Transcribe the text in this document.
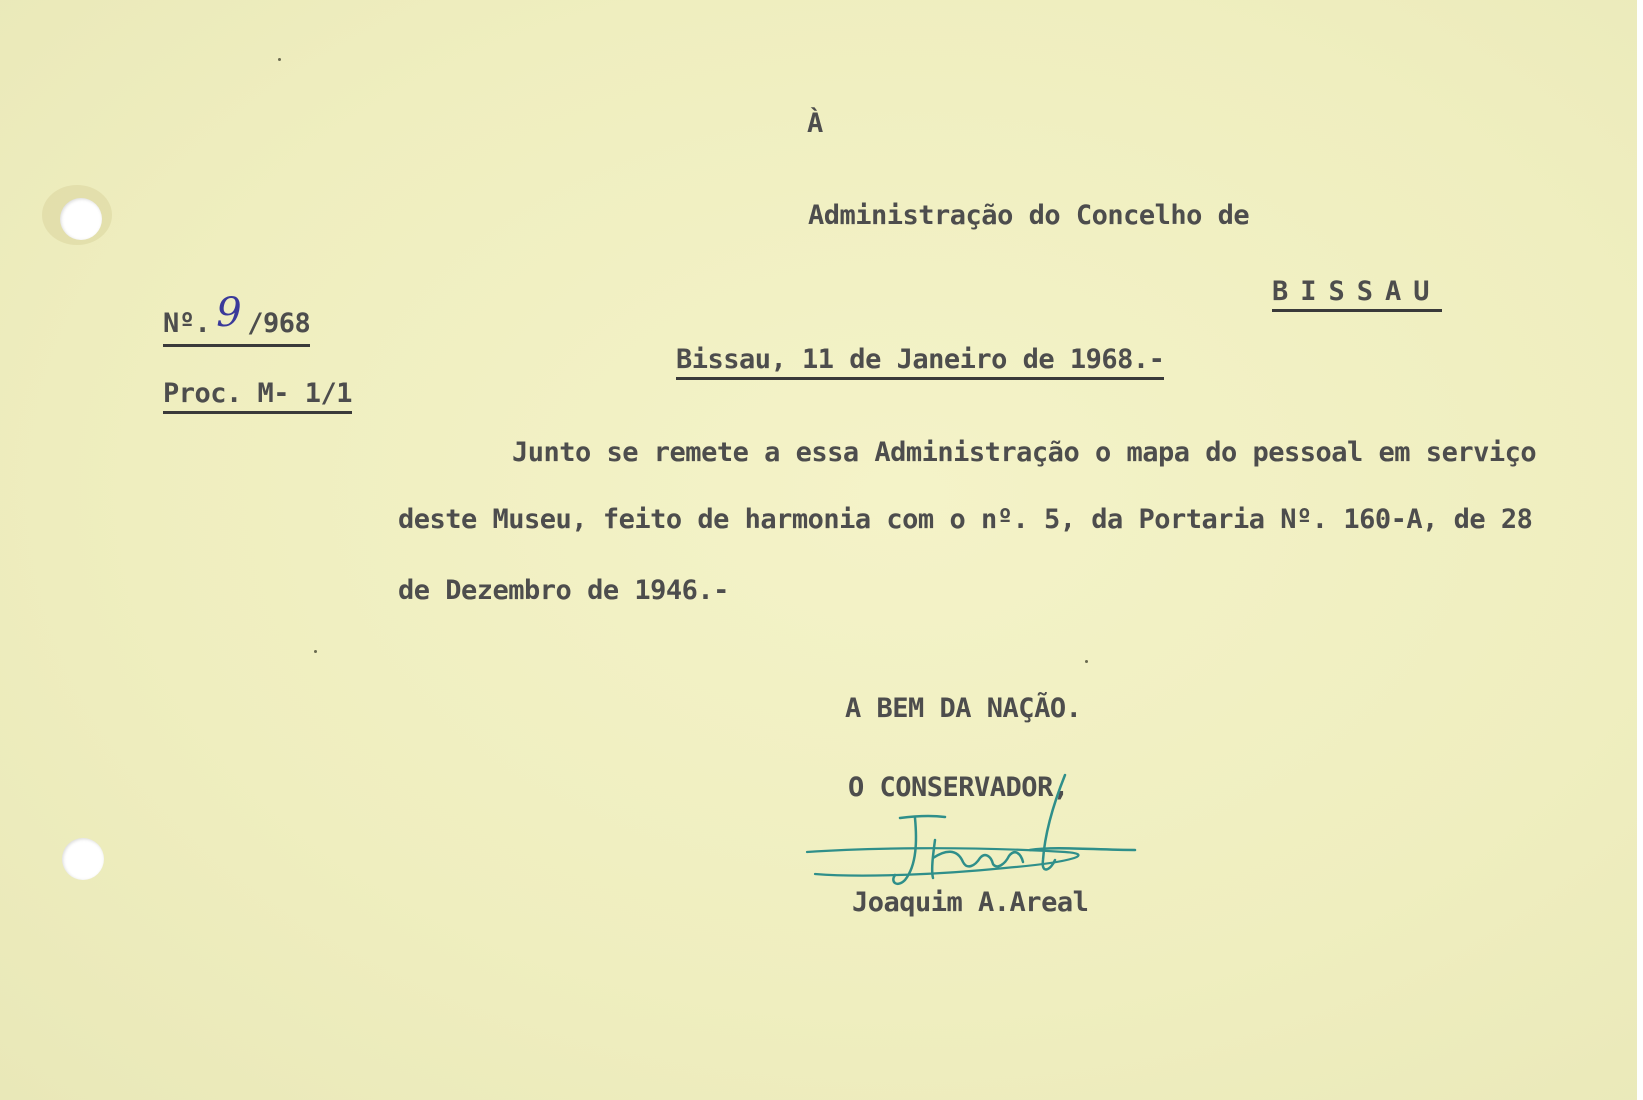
À
Administração do Concelho de
BISSAU
Nº. 9 /968
Proc. M- 1/1
Bissau, 11 de Janeiro de 1968.-
Junto se remete a essa Administração o mapa do pessoal em serviço
deste Museu, feito de harmonia com o nº. 5, da Portaria Nº. 160-A, de 28
de Dezembro de 1946.-
A BEM DA NAÇÃO.
O CONSERVADOR,
Joaquim A.Areal
